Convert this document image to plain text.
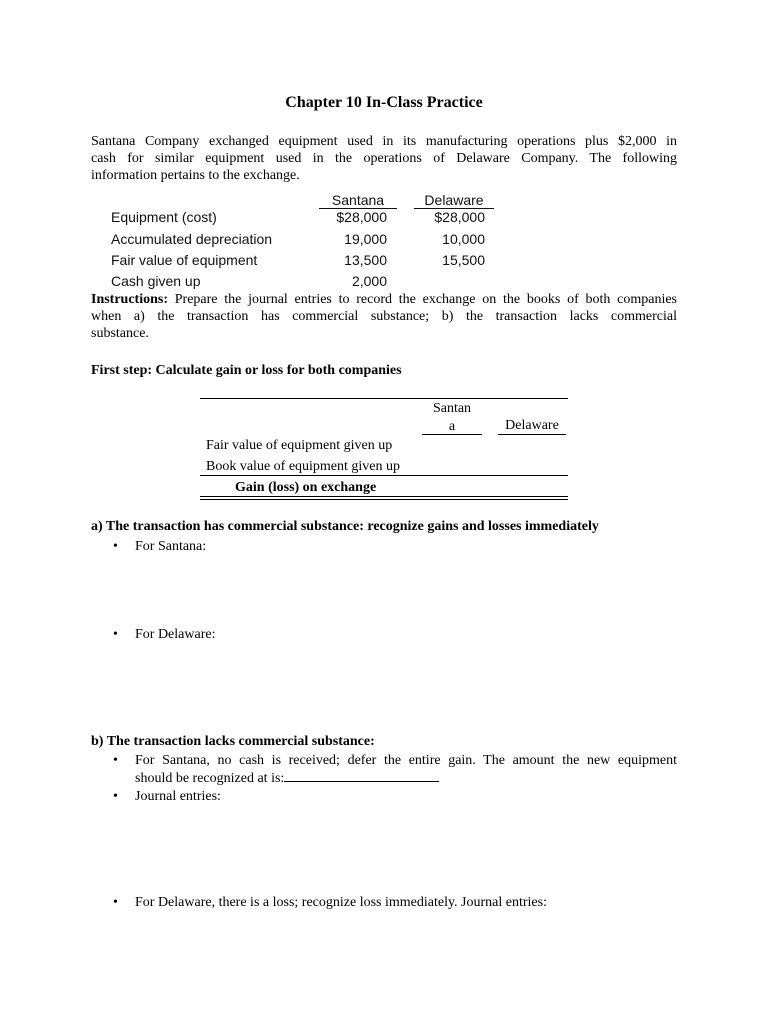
Chapter 10 In-Class Practice
Santana Company exchanged equipment used in its manufacturing operations plus $2,000 in
cash for similar equipment used in the operations of Delaware Company. The following
information pertains to the exchange.
Santana	Delaware
Equipment (cost)	$28,000	$28,000
Accumulated depreciation	19,000	10,000
Fair value of equipment	13,500	15,500
Cash given up	2,000
Instructions: Prepare the journal entries to record the exchange on the books of both companies
when a) the transaction has commercial substance; b) the transaction lacks commercial
substance.
First step: Calculate gain or loss for both companies
Santan
a	Delaware
Fair value of equipment given up
Book value of equipment given up
Gain (loss) on exchange
a) The transaction has commercial substance: recognize gains and losses immediately
• For Santana:
• For Delaware:
b) The transaction lacks commercial substance:
• For Santana, no cash is received; defer the entire gain. The amount the new equipment
should be recognized at is:
• Journal entries:
• For Delaware, there is a loss; recognize loss immediately. Journal entries:
